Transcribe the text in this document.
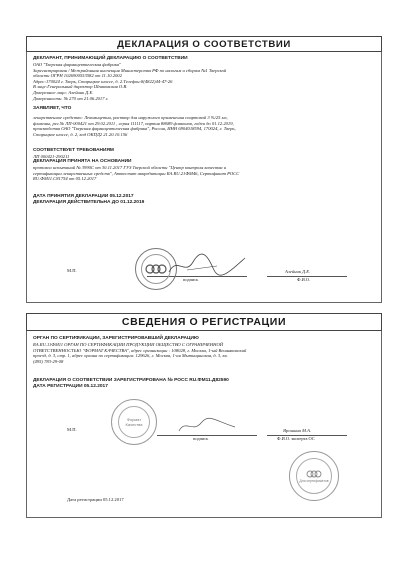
ДЕКЛАРАЦИЯ О СООТВЕТСТВИИ

ДЕКЛАРАНТ, ПРИНИМАЮЩИЙ ДЕКЛАРАЦИЮ О СООТВЕТСТВИИ

ОАО "Тверская фармацевтическая фабрика"

Зарегистрирован / Межрайонная инспекция Министерства РФ по налогам и сборам №1 Тверской

области ОГРН 1026900553582 от 11.10.2002

Адрес:170024 г. Тверь, Старицкое шоссе, д. 2.Телефон:8(4822)44-47-26

В лице:Генеральный директор Шпаковская О.В.

Доверенное лицо: Алейник Д.Е.

Доверенность: № 270 от 21.06.2017 г.

ЗАЯВЛЯЕТ, ЧТО

лекарственное средство: Левомицетин, раствор для наружного применения спиртовой 3 %/25 мл,

флаконы, рег.№ ЛП-000421 от 29.02.2011 , серия 111117, партия 88689 флаконов, годен до 01.12.2019,

производства ОАО "Тверская фармацевтическая фабрика", Россия, ИНН 6904018594, 170024, г. Тверь,

Старицкое шоссе, д. 2, код ОКПД2 21.20.10.156

СООТВЕТСТВУЕТ ТРЕБОВАНИЯМ

ЛП 000421-290211

ДЕКЛАРАЦИЯ ПРИНЯТА НА ОСНОВАНИИ

протокол испытаний № 3990С от 30.11.2017 ГУЗ Тверской области "Центр контроля качества и

сертификации лекарственных средств", Аттестат аккредитации RA.RU.21ФМ46, Сертификат РОСС

RU.ФМ11.С81754 от 05.12.2017

ДАТА ПРИНЯТИЯ ДЕКЛАРАЦИИ 05.12.2017

ДЕКЛАРАЦИЯ ДЕЙСТВИТЕЛЬНА ДО 01.12.2019

М.П.
подпись
Алейник Д.Е.
Ф.И.О.
СВЕДЕНИЯ О РЕГИСТРАЦИИ

ОРГАН ПО СЕРТИФИКАЦИИ, ЗАРЕГИСТРИРОВАВШИЙ ДЕКЛАРАЦИЮ

RA.RU.11ФМ11 ОРГАН ПО СЕРТИФИКАЦИИ ПРОДУКЦИИ ОБЩЕСТВО С ОГРАНИЧЕННОЙ

ОТВЕТСТВЕННОСТЬЮ "ФОРМАТ КАЧЕСТВА", адрес организации : 108028, г. Москва, 1-ый Вешняковский

проезд, д. 3, стр. 1, адрес органа по сертификации: 129626, г. Москва, 1-ая Мытищинская, д. 3, кв.

(495) 783-29-08

ДЕКЛАРАЦИЯ О СООТВЕТСТВИИ ЗАРЕГИСТРИРОВАНА № РОСС RU.ФМ11.Д82590

ДАТА РЕГИСТРАЦИИ 05.12.2017

Формат Качества
М.П.
подпись
Ярошина М.А.
Ф.И.О. эксперта ОС
Для сертификатов
Дата регистрации 05.12.2017
